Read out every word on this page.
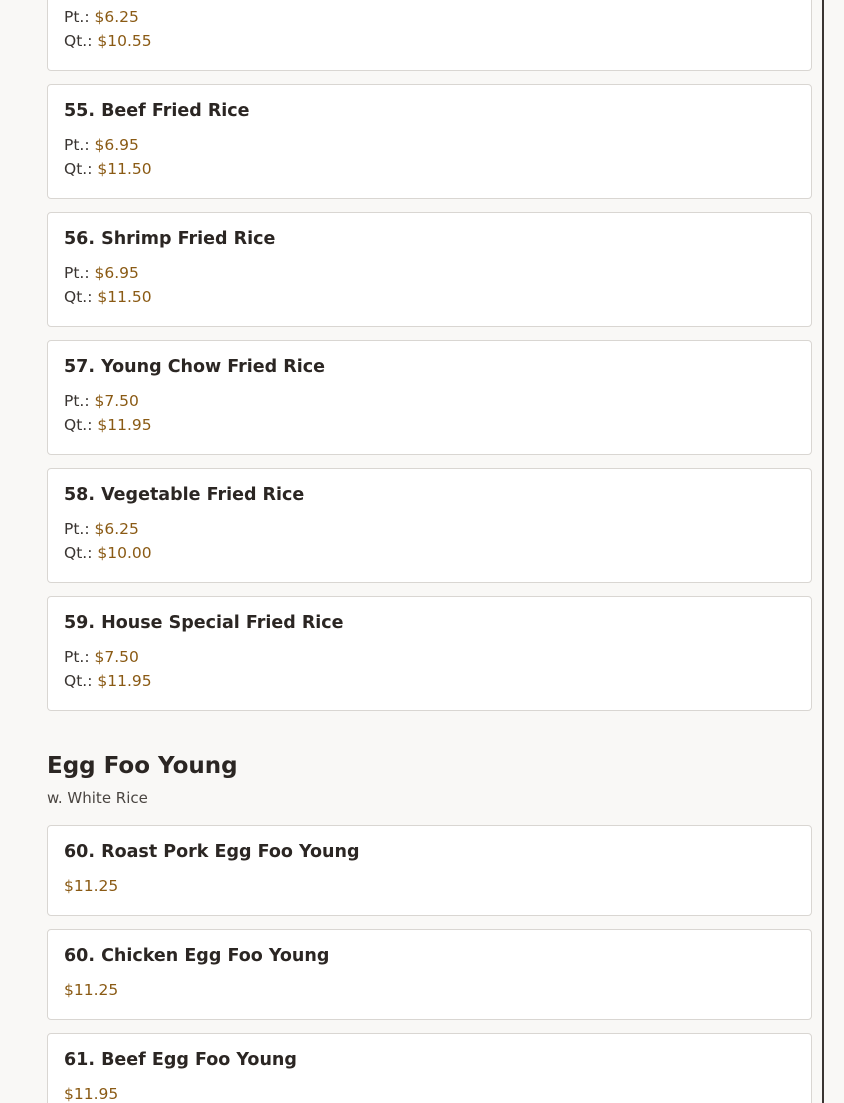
Pt.: $6.25
Qt.: $10.55
55. Beef Fried Rice
Pt.: $6.95
Qt.: $11.50
56. Shrimp Fried Rice
Pt.: $6.95
Qt.: $11.50
57. Young Chow Fried Rice
Pt.: $7.50
Qt.: $11.95
58. Vegetable Fried Rice
Pt.: $6.25
Qt.: $10.00
59. House Special Fried Rice
Pt.: $7.50
Qt.: $11.95
Egg Foo Young
w. White Rice
60. Roast Pork Egg Foo Young
$11.25
60. Chicken Egg Foo Young
$11.25
61. Beef Egg Foo Young
$11.95
